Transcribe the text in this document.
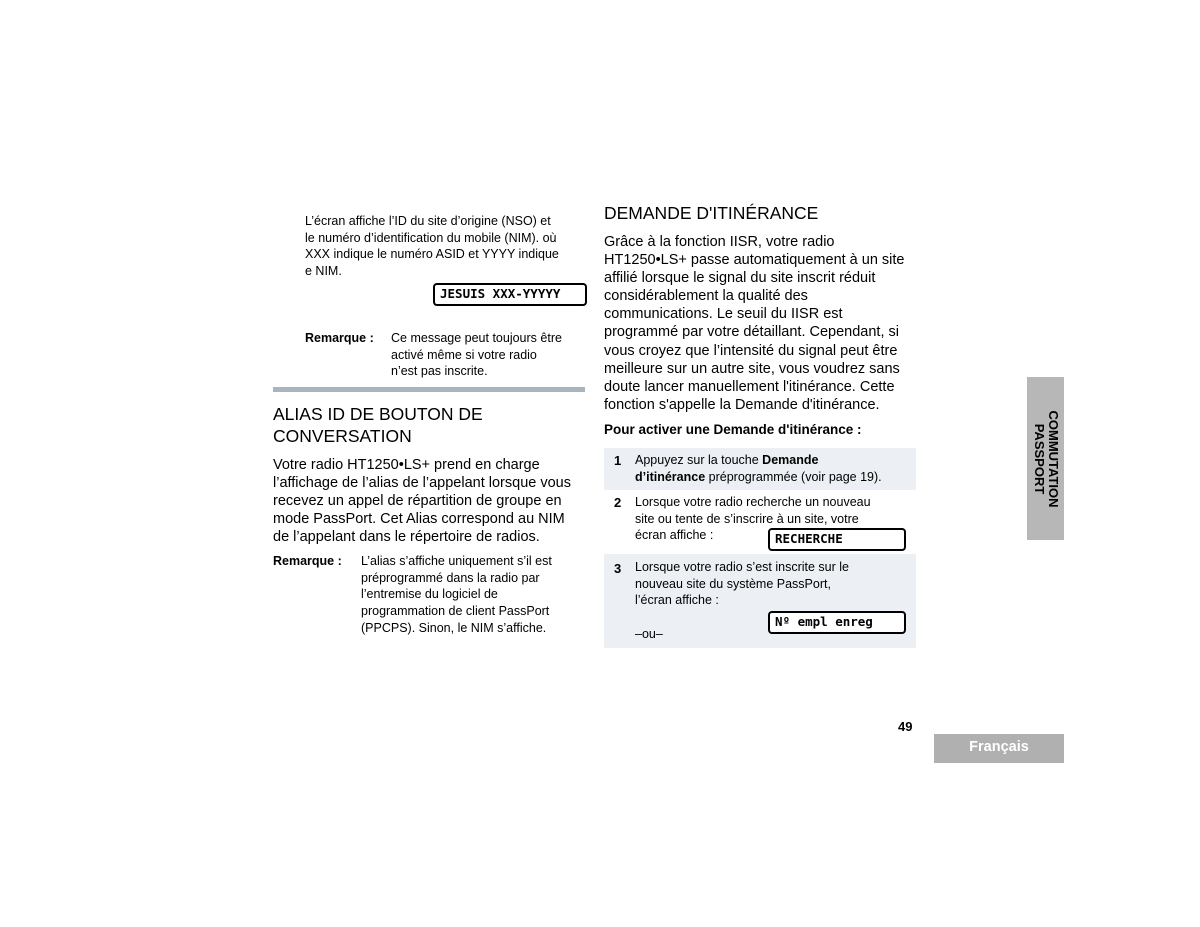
L’écran affiche l’ID du site d’origine (NSO) et
le numéro d’identification du mobile (NIM). où
XXX indique le numéro ASID et YYYY indique
e NIM.
JESUIS XXX-YYYYY
Remarque : Ce message peut toujours être
activé même si votre radio
n’est pas inscrite.
ALIAS ID DE BOUTON DE
CONVERSATION
Votre radio HT1250•LS+ prend en charge
l’affichage de l’alias de l’appelant lorsque vous
recevez un appel de répartition de groupe en
mode PassPort. Cet Alias correspond au NIM
de l’appelant dans le répertoire de radios.
Remarque : L’alias s’affiche uniquement s’il est
préprogrammé dans la radio par
l’entremise du logiciel de
programmation de client PassPort
(PPCPS). Sinon, le NIM s’affiche.
DEMANDE D'ITINÉRANCE
Grâce à la fonction IISR, votre radio
HT1250•LS+ passe automatiquement à un site
affilié lorsque le signal du site inscrit réduit
considérablement la qualité des
communications. Le seuil du IISR est
programmé par votre détaillant. Cependant, si
vous croyez que l’intensité du signal peut être
meilleure sur un autre site, vous voudrez sans
doute lancer manuellement l'itinérance. Cette
fonction s'appelle la Demande d'itinérance.
Pour activer une Demande d'itinérance :
1 Appuyez sur la touche Demande
d’itinérance préprogrammée (voir page 19).
2 Lorsque votre radio recherche un nouveau
site ou tente de s’inscrire à un site, votre
écran affiche :	RECHERCHE
3 Lorsque votre radio s’est inscrite sur le
nouveau site du système PassPort,
l’écran affiche :
Nº empl enreg
–ou–
49
COMMUTATION
PASSPORT
Français
